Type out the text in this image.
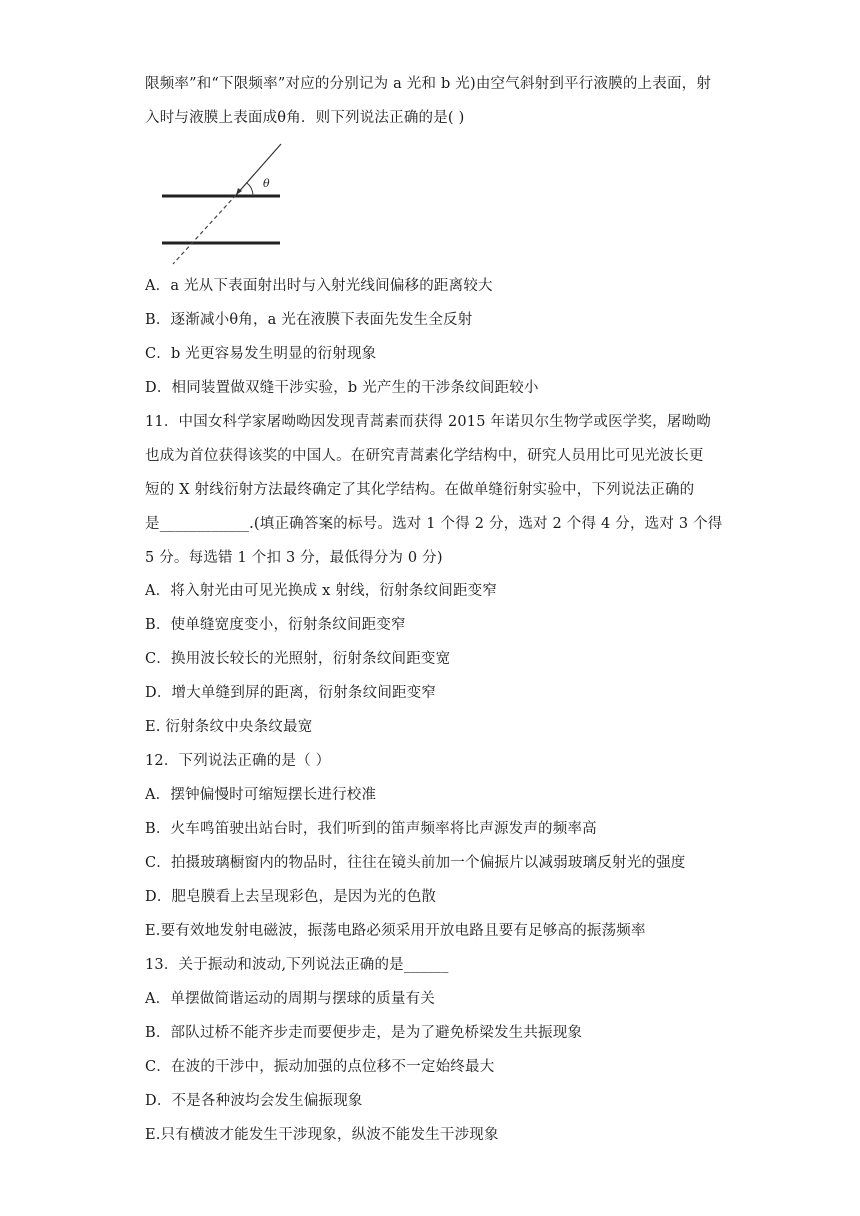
限频率”和“下限频率”对应的分别记为 a 光和 b 光)由空气斜射到平行液膜的上表面，射
入时与液膜上表面成θ角．则下列说法正确的是( )
θ
A．a 光从下表面射出时与入射光线间偏移的距离较大
B．逐渐减小θ角，a 光在液膜下表面先发生全反射
C．b 光更容易发生明显的衍射现象
D．相同装置做双缝干涉实验，b 光产生的干涉条纹间距较小
11．中国女科学家屠呦呦因发现青蒿素而获得 2015 年诺贝尔生物学或医学奖，屠呦呦
也成为首位获得该奖的中国人。在研究青蒿素化学结构中，研究人员用比可见光波长更
短的 X 射线衍射方法最终确定了其化学结构。在做单缝衍射实验中，下列说法正确的
是____________.(填正确答案的标号。选对 1 个得 2 分，选对 2 个得 4 分，选对 3 个得
5 分。每选错 1 个扣 3 分，最低得分为 0 分)
A．将入射光由可见光换成 x 射线，衍射条纹间距变窄
B．使单缝宽度变小，衍射条纹间距变窄
C．换用波长较长的光照射，衍射条纹间距变宽
D．增大单缝到屏的距离，衍射条纹间距变窄
E. 衍射条纹中央条纹最宽
12．下列说法正确的是（ ）
A．摆钟偏慢时可缩短摆长进行校准
B．火车鸣笛驶出站台时，我们听到的笛声频率将比声源发声的频率高
C．拍摄玻璃橱窗内的物品时，往往在镜头前加一个偏振片以减弱玻璃反射光的强度
D．肥皂膜看上去呈现彩色，是因为光的色散
E.要有效地发射电磁波，振荡电路必须采用开放电路且要有足够高的振荡频率
13．关于振动和波动,下列说法正确的是______
A．单摆做简谐运动的周期与摆球的质量有关
B．部队过桥不能齐步走而要便步走，是为了避免桥梁发生共振现象
C．在波的干涉中，振动加强的点位移不一定始终最大
D．不是各种波均会发生偏振现象
E.只有横波才能发生干涉现象，纵波不能发生干涉现象
